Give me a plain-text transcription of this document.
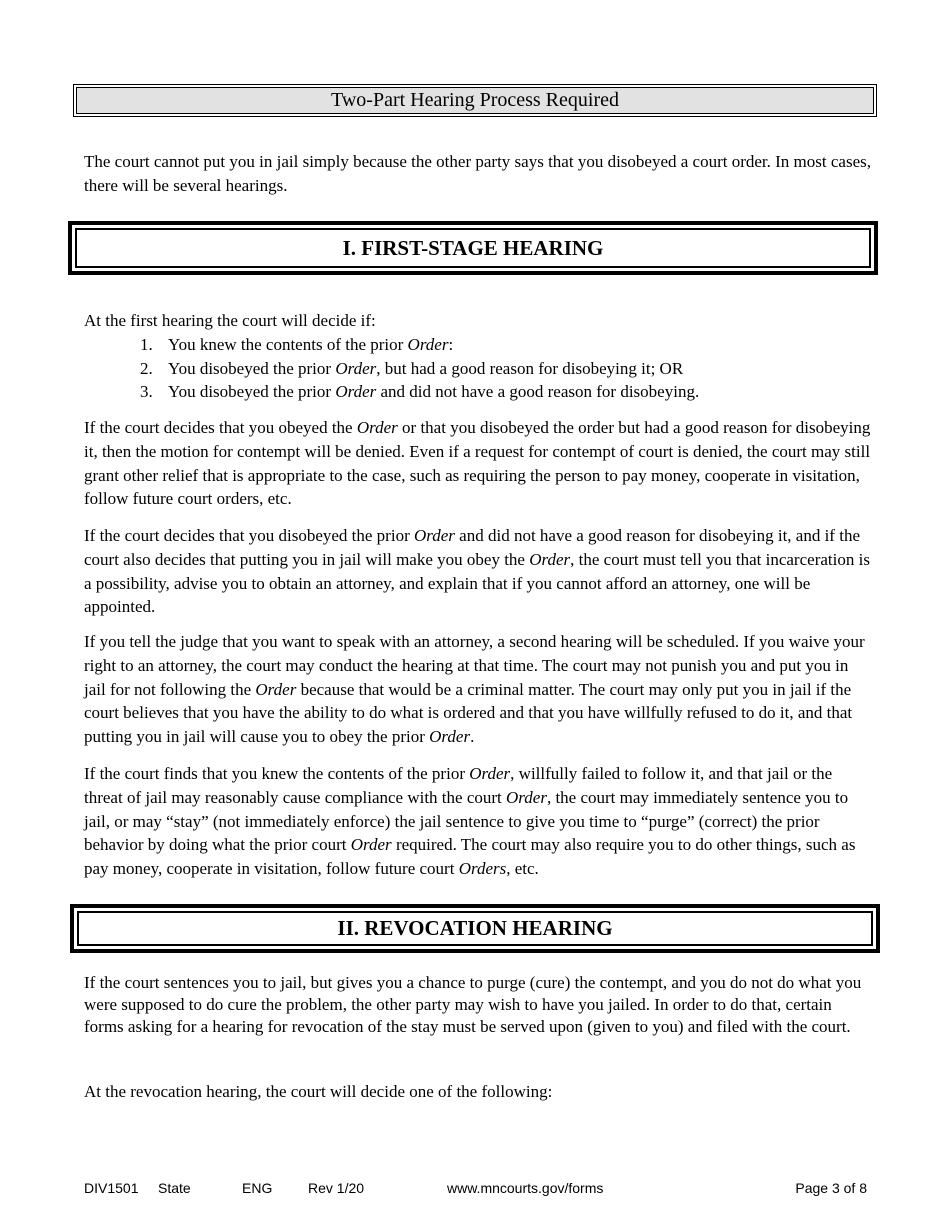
Two-Part Hearing Process Required

The court cannot put you in jail simply because the other party says that you disobeyed a court order. In most cases, there will be several hearings.

I. FIRST-STAGE HEARING

At the first hearing the court will decide if:

1. You knew the contents of the prior Order:
2. You disobeyed the prior Order, but had a good reason for disobeying it; OR
3. You disobeyed the prior Order and did not have a good reason for disobeying.

If the court decides that you obeyed the Order or that you disobeyed the order but had a good reason for disobeying it, then the motion for contempt will be denied. Even if a request for contempt of court is denied, the court may still grant other relief that is appropriate to the case, such as requiring the person to pay money, cooperate in visitation, follow future court orders, etc.

If the court decides that you disobeyed the prior Order and did not have a good reason for disobeying it, and if the court also decides that putting you in jail will make you obey the Order, the court must tell you that incarceration is a possibility, advise you to obtain an attorney, and explain that if you cannot afford an attorney, one will be appointed.

If you tell the judge that you want to speak with an attorney, a second hearing will be scheduled. If you waive your right to an attorney, the court may conduct the hearing at that time. The court may not punish you and put you in jail for not following the Order because that would be a criminal matter. The court may only put you in jail if the court believes that you have the ability to do what is ordered and that you have willfully refused to do it, and that putting you in jail will cause you to obey the prior Order.

If the court finds that you knew the contents of the prior Order, willfully failed to follow it, and that jail or the threat of jail may reasonably cause compliance with the court Order, the court may immediately sentence you to jail, or may “stay” (not immediately enforce) the jail sentence to give you time to “purge” (correct) the prior behavior by doing what the prior court Order required. The court may also require you to do other things, such as pay money, cooperate in visitation, follow future court Orders, etc.

II. REVOCATION HEARING

If the court sentences you to jail, but gives you a chance to purge (cure) the contempt, and you do not do what you were supposed to do cure the problem, the other party may wish to have you jailed. In order to do that, certain forms asking for a hearing for revocation of the stay must be served upon (given to you) and filed with the court.

At the revocation hearing, the court will decide one of the following:

DIV1501 State	ENG	Rev 1/20	www.mncourts.gov/forms	Page 3 of 8
